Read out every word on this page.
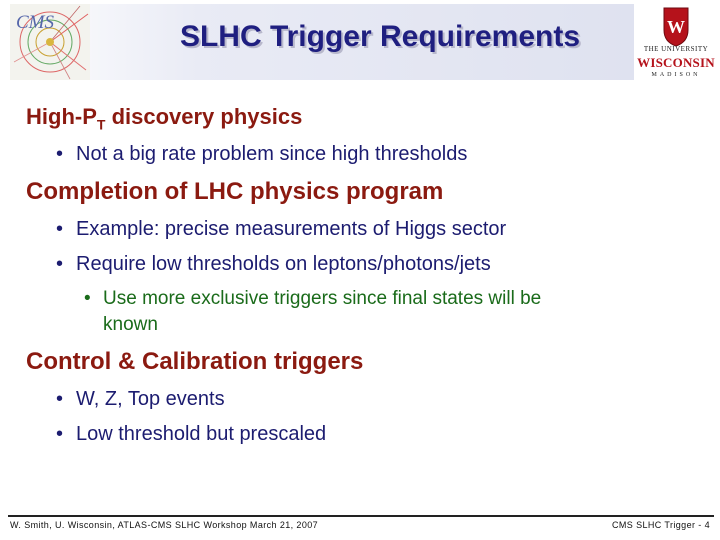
CMS	SLHC Trigger Requirements	W
THE UNIVERSITY
WISCONSIN
MADISON
High-$P_T$ discovery physics
• Not a big rate problem since high thresholds
Completion of LHC physics program
• Example: precise measurements of Higgs sector
• Require low thresholds on leptons/photons/jets
• Use more exclusive triggers since final states will be
known
Control & Calibration triggers
• W, Z, Top events
• Low threshold but prescaled
W. Smith, U. Wisconsin, ATLAS-CMS SLHC Workshop March 21, 2007	CMS SLHC Trigger - 4
